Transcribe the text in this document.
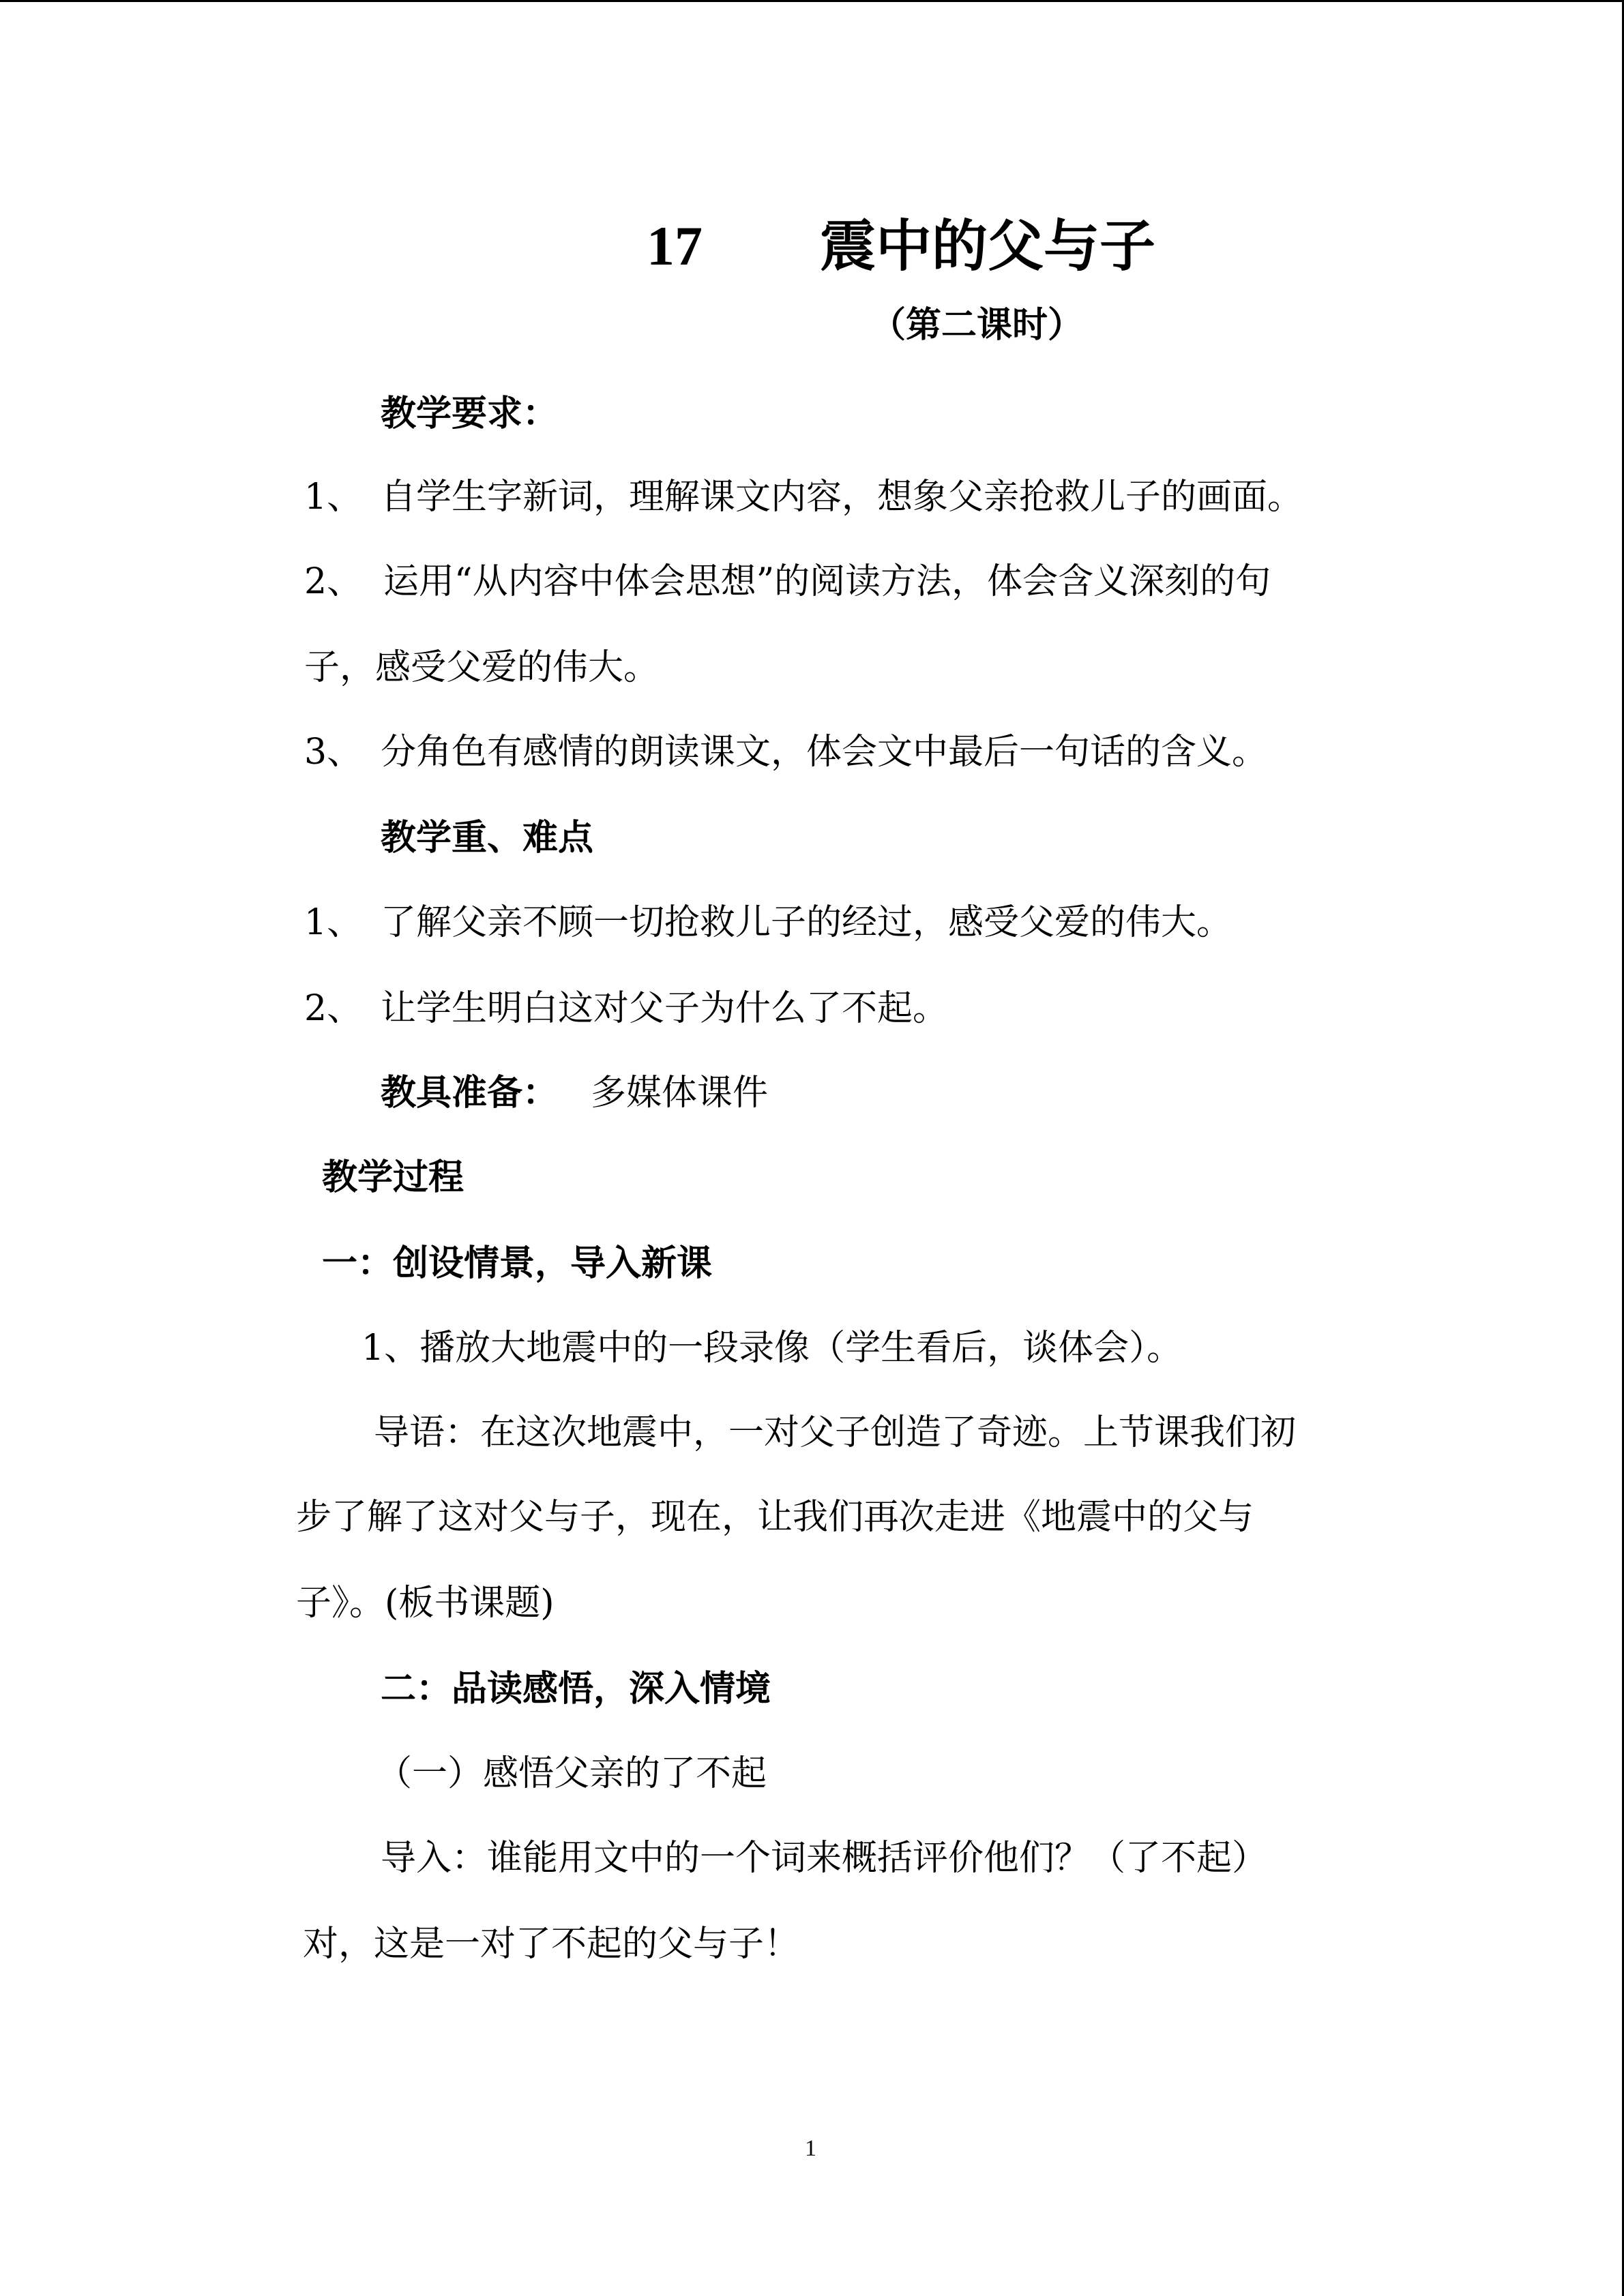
17 震中的父与子
（第二课时）
教学要求：
1、 自学生字新词，理解课文内容，想象父亲抢救儿子的画面。
2、 运用“从内容中体会思想”的阅读方法，体会含义深刻的句
子，感受父爱的伟大。
3、 分角色有感情的朗读课文，体会文中最后一句话的含义。
教学重、难点
1、 了解父亲不顾一切抢救儿子的经过，感受父爱的伟大。
2、 让学生明白这对父子为什么了不起。
教具准备： 多媒体课件
教学过程
一：创设情景，导入新课
1、播放大地震中的一段录像（学生看后，谈体会）。
导语：在这次地震中，一对父子创造了奇迹。上节课我们初
步了解了这对父与子，现在，让我们再次走进《地震中的父与
子》。(板书课题)
二：品读感悟，深入情境
（一）感悟父亲的了不起
导入：谁能用文中的一个词来概括评价他们？（了不起）
对，这是一对了不起的父与子！
1
